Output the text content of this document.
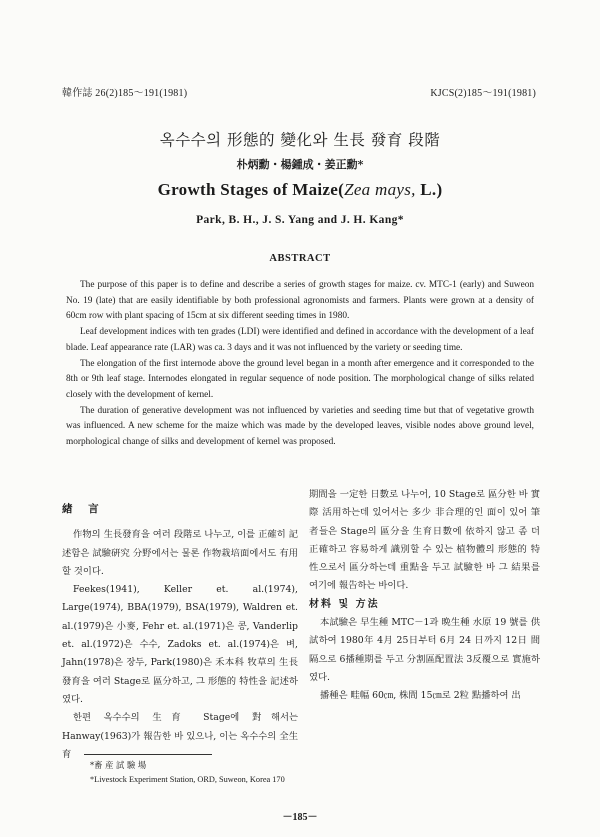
韓作誌 26(2)185～191(1981)	KJCS(2)185～191(1981)
옥수수의 形態的 變化와 生長 發育 段階
朴炳勳・楊鍾成・姜正勳*
Growth Stages of Maize(Zea mays, L.)
Park, B. H., J. S. Yang and J. H. Kang*
ABSTRACT

The purpose of this paper is to define and describe a series of growth stages for maize. cv. MTC-1 (early) and Suweon No. 19 (late) that are easily identifiable by both professional agronomists and farmers. Plants were grown at a density of 60cm row with plant spacing of 15cm at six different seeding times in 1980.

Leaf development indices with ten grades (LDI) were identified and defined in accordance with the development of a leaf blade. Leaf appearance rate (LAR) was ca. 3 days and it was not influenced by the variety or seeding time.

The elongation of the first internode above the ground level began in a month after emergence and it corresponded to the 8th or 9th leaf stage. Internodes elongated in regular sequence of node position. The morphological change of silks related closely with the development of kernel.

The duration of generative development was not influenced by varieties and seeding time but that of vegetative growth was influenced. A new scheme for the maize which was made by the developed leaves, visible nodes above ground level, morphological change of silks and development of kernel was proposed.

緖 言

作物의 生長發育을 여러 段階로 나누고, 이를 正確히 記述함은 試驗硏究 分野에서는 물론 作物栽培面에서도 有用할 것이다.

Feekes(1941), Keller et. al.(1974), Large(1974), BBA(1979), BSA(1979), Waldren et. al.(1979)은 小麥, Fehr et. al.(1971)은 콩, Vanderlip et. al.(1972)은 수수, Zadoks et. al.(1974)은 벼, Jahn(1978)은 장두, Park(1980)은 禾本科 牧草의 生長發育을 여러 Stage로 區分하고, 그 形態的 特性을 記述하였다.

한편 옥수수의 生育 Stage에 對해서는 Hanway(1963)가 報告한 바 있으나, 이는 옥수수의 全生育

期間을 一定한 日數로 나누어, 10 Stage로 區分한 바 實際 活用하는데 있어서는 多少 非合理的인 面이 있어 筆者들은 Stage의 區分을 生育日數에 依하지 않고 좀 더 正確하고 容易하게 識別할 수 있는 植物體의 形態的 特性으로서 區分하는데 重點을 두고 試驗한 바 그 結果를 여기에 報告하는 바이다.

材料 및 方法

本試驗은 早生種 MTC－1과 晩生種 水原 19 號를 供試하여 1980年 4月 25日부터 6月 24 日까지 12日 間隔으로 6播種期를 두고 分割區配置法 3反覆으로 實施하였다.

播種은 畦幅 60㎝, 株間 15㎝로 2粒 點播하여 出

*畜 産 試 驗 場
*Livestock Experiment Station, ORD, Suweon, Korea 170
－185－
